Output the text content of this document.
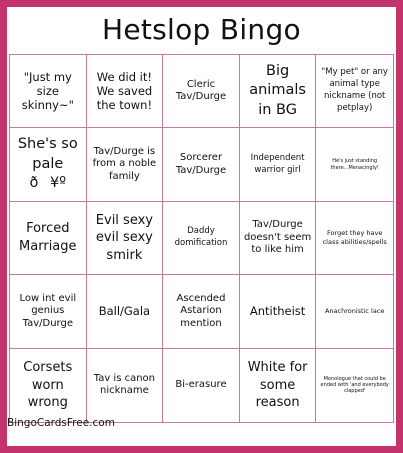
Hetslop Bingo
"Just my size skinny~"
We did it! We saved the town!
Cleric Tav/Durge
Big animals in BG
"My pet" or any animal type nickname (not petplay)
She's so pale ð¥º
Tav/Durge is from a noble family
Sorcerer Tav/Durge
Independent warrior girl
He's just standing there...Menacingly!
Forced Marriage
Evil sexy evil sexy smirk
Daddy domification
Tav/Durge doesn't seem to like him
Forget they have class abilities/spells
Low int evil genius Tav/Durge
Ball/Gala
Ascended Astarion mention
Antitheist	Anachronistic lace
Corsets worn wrong
Tav is canon nickname
Bi-erasure
White for some reason
Monologue that could be ended with 'and everybody clapped'
BingoCardsFree.com
